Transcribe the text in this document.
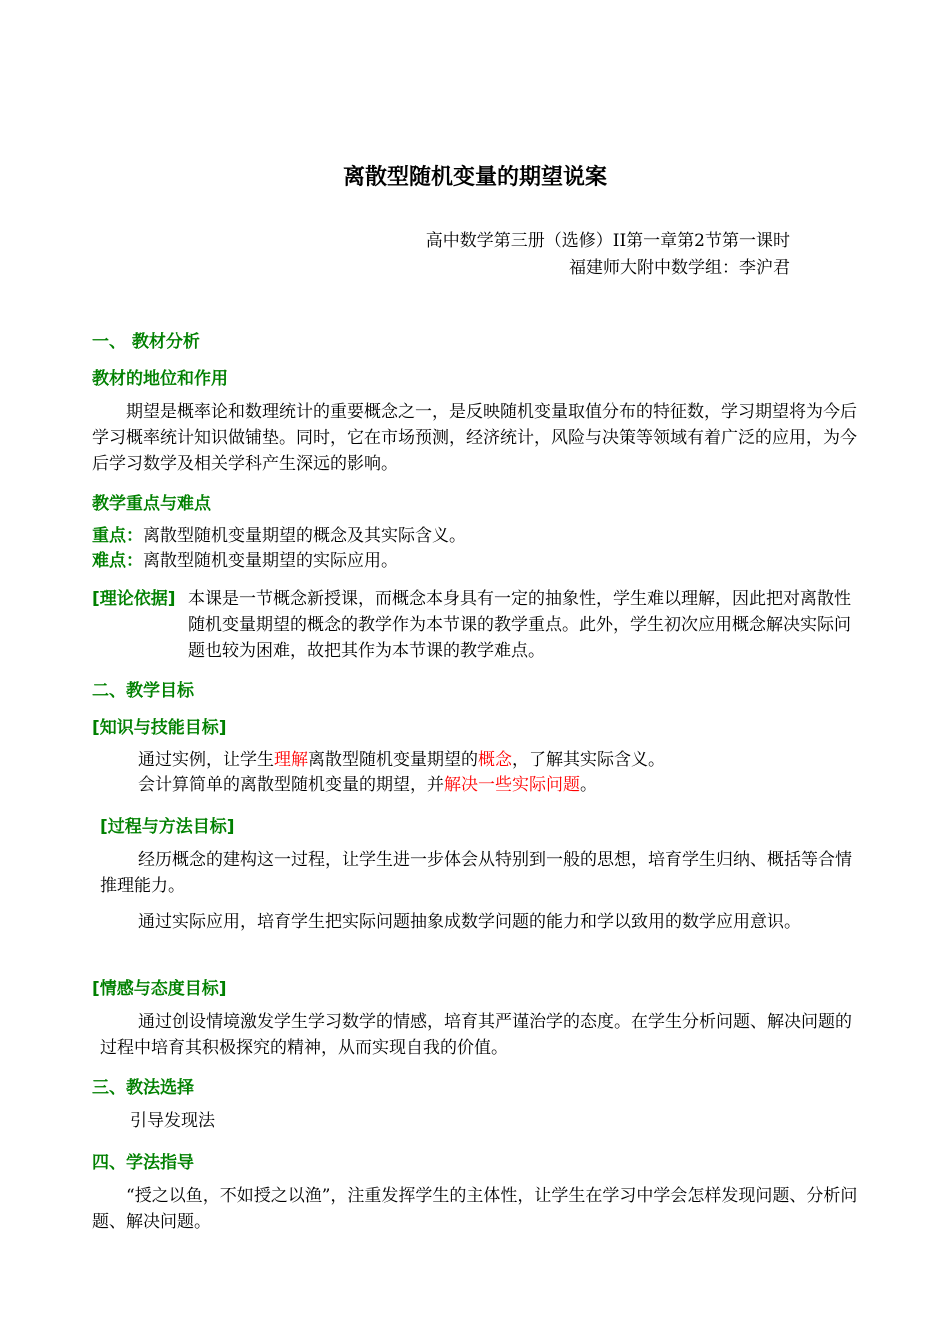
离散型随机变量的期望说案
高中数学第三册（选修）II第一章第2节第一课时
福建师大附中数学组：李沪君
一、 教材分析
教材的地位和作用
期望是概率论和数理统计的重要概念之一，是反映随机变量取值分布的特征数，学习期望将为今后学习概率统计知识做铺垫。同时，它在市场预测，经济统计，风险与决策等领域有着广泛的应用，为今后学习数学及相关学科产生深远的影响。
教学重点与难点
重点：离散型随机变量期望的概念及其实际含义。
难点：离散型随机变量期望的实际应用。
[理论依据] 本课是一节概念新授课，而概念本身具有一定的抽象性，学生难以理解，因此把对离散性随机变量期望的概念的教学作为本节课的教学重点。此外，学生初次应用概念解决实际问题也较为困难，故把其作为本节课的教学难点。
二、教学目标
[知识与技能目标]
通过实例，让学生理解离散型随机变量期望的概念，了解其实际含义。
会计算简单的离散型随机变量的期望，并解决一些实际问题。
[过程与方法目标]
经历概念的建构这一过程，让学生进一步体会从特别到一般的思想，培育学生归纳、概括等合情推理能力。
通过实际应用，培育学生把实际问题抽象成数学问题的能力和学以致用的数学应用意识。
[情感与态度目标]
通过创设情境激发学生学习数学的情感，培育其严谨治学的态度。在学生分析问题、解决问题的过程中培育其积极探究的精神，从而实现自我的价值。
三、教法选择
引导发现法
四、学法指导
“授之以鱼，不如授之以渔”，注重发挥学生的主体性，让学生在学习中学会怎样发现问题、分析问题、解决问题。
